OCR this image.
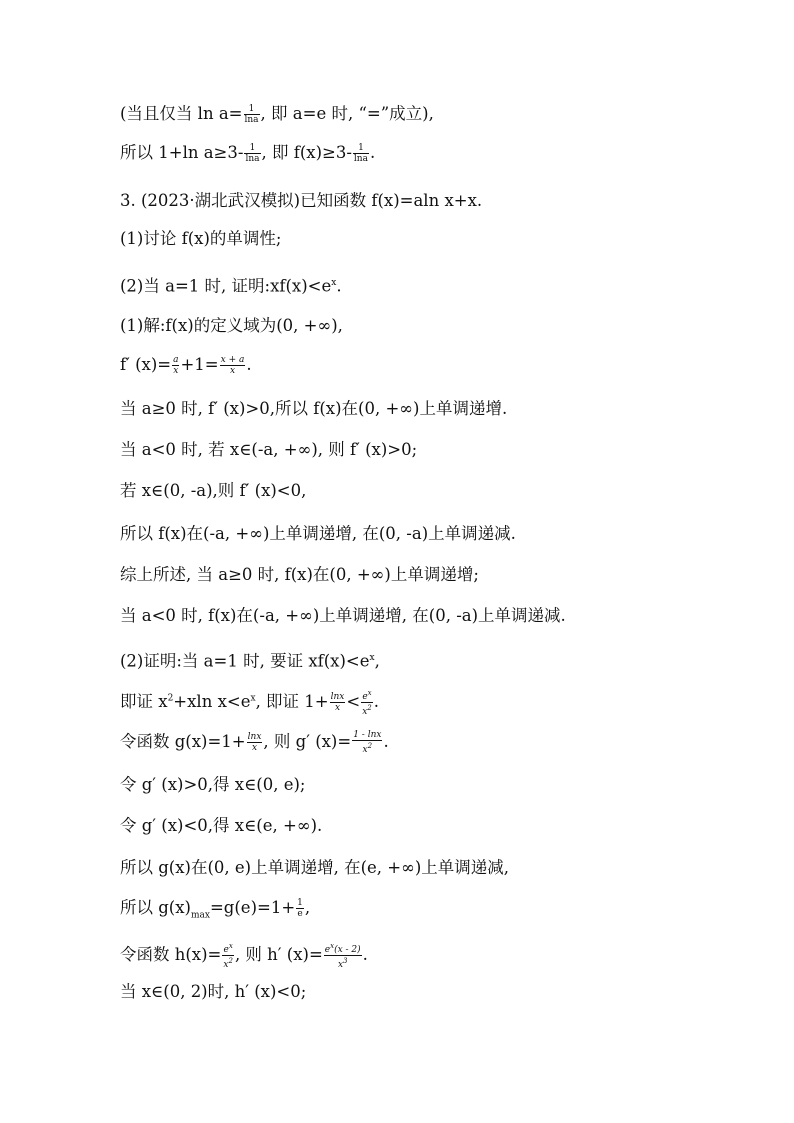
(当且仅当 $\ln a= \frac{1}{\ln a}$ , 即 a=e 时, “=”成立),
所以 1+ln $a\ge 3- \frac{1}{\ln a}$ , 即 $f(x)\ge 3- \frac{1}{\ln a}$ .
3. (2023·湖北武汉模拟)已知函数 f(x)=aln x+x.
(1)讨论 f(x)的单调性;
(2)当 a=1 时, 证明$:xf(x)<e^x$.
(1)解:f(x)的定义域为(0, +∞),
f′ $(x)= \frac{a}{x} +1= \frac{x + a}{x}$ .
当 a≥0 时, f′ (x)>0,所以 f(x)在(0, +∞)上单调递增.
当 a<0 时, 若 x∈(-a, +∞), 则 f′ (x)>0;
若 x∈(0, -a),则 f′ (x)<0,
所以 f(x)在(-a, +∞)上单调递增, 在(0, -a)上单调递减.
综上所述, 当 a≥0 时, f(x)在(0, +∞)上单调递增;
当 a<0 时, f(x)在(-a, +∞)上单调递增, 在(0, -a)上单调递减.
(2)证明:当 a=1 时, 要证 $xf(x)<e^x$,
即证 $x^2+xln$ $x<e^x$, 即证 $1+ \frac{\ln x}{x} < \frac{e^x}{x^2}$ .
令函数 $g(x)=1+ \frac{\ln x}{x}$ , 则 g′ $(x)= \frac{1 - \ln x}{x^2}$ .
令 g′ (x)>0,得 x∈(0, e);
令 g′ (x)<0,得 x∈(e, +∞).
所以 g(x)在(0, e)上单调递增, 在(e, +∞)上单调递减,
所以 $g(x)_{max}=g(e)=1+ \frac{1}{e}$ ,
令函数 $h(x)= \frac{e^x}{x^2}$ , 则 h′ $(x)= \frac{e^x(x - 2)}{x^3}$ .
当 x∈(0, 2)时, h′ (x)<0;
